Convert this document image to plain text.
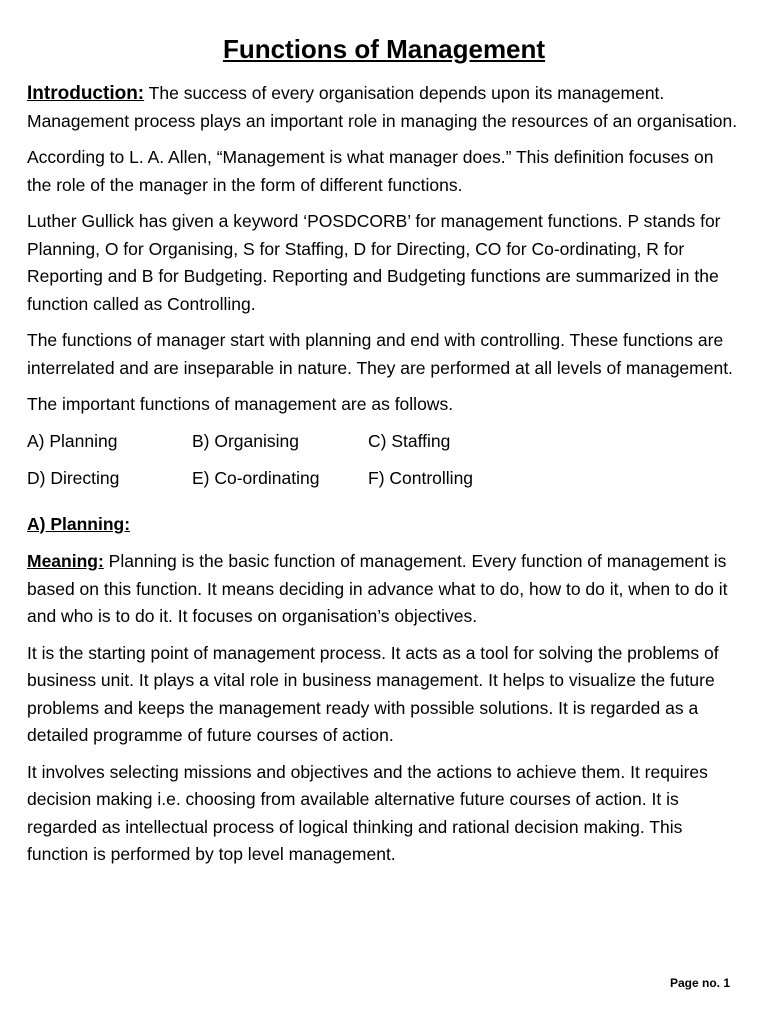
Functions of Management

Introduction: The success of every organisation depends upon its management. Management process plays an important role in managing the resources of an organisation.

According to L. A. Allen, “Management is what manager does.” This definition focuses on the role of the manager in the form of different functions.

Luther Gullick has given a keyword ‘POSDCORB’ for management functions. P stands for Planning, O for Organising, S for Staffing, D for Directing, CO for Co-ordinating, R for Reporting and B for Budgeting. Reporting and Budgeting functions are summarized in the function called as Controlling.

The functions of manager start with planning and end with controlling. These functions are interrelated and are inseparable in nature. They are performed at all levels of management.

The important functions of management are as follows.

A) Planning	B) Organising	C) Staffing
D) Directing	E) Co-ordinating	F) Controlling
A) Planning:

Meaning: Planning is the basic function of management. Every function of management is based on this function. It means deciding in advance what to do, how to do it, when to do it and who is to do it. It focuses on organisation’s objectives.

It is the starting point of management process. It acts as a tool for solving the problems of business unit. It plays a vital role in business management. It helps to visualize the future problems and keeps the management ready with possible solutions. It is regarded as a detailed programme of future courses of action.

It involves selecting missions and objectives and the actions to achieve them. It requires decision making i.e. choosing from available alternative future courses of action. It is regarded as intellectual process of logical thinking and rational decision making. This function is performed by top level management.

Page no. 1
